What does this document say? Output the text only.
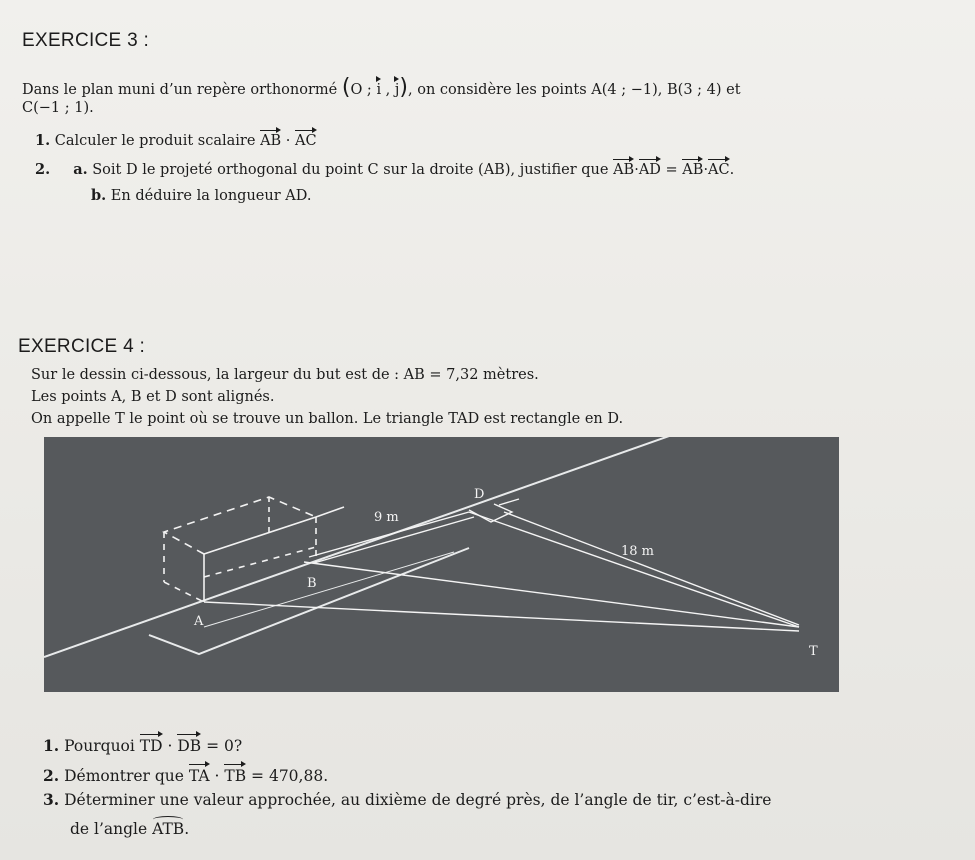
EXERCICE 3 :
Dans le plan muni d’un repère orthonormé (O ; i , j), on considère les points A(4 ; −1), B(3 ; 4) et
C(−1 ; 1).
1. Calculer le produit scalaire AB · AC
2. a. Soit D le projeté orthogonal du point C sur la droite (AB), justifier que AB·AD = AB·AC.
b. En déduire la longueur AD.
EXERCICE 4 :
Sur le dessin ci-dessous, la largeur du but est de : AB = 7,32 mètres.
Les points A, B et D sont alignés.
On appelle T le point où se trouve un ballon. Le triangle TAD est rectangle en D.
D
9 m
18 m
B
A
T
1. Pourquoi TD · DB = 0?
2. Démontrer que TA · TB = 470,88.
3. Déterminer une valeur approchée, au dixième de degré près, de l’angle de tir, c’est-à-dire
de l’angle ATB.
